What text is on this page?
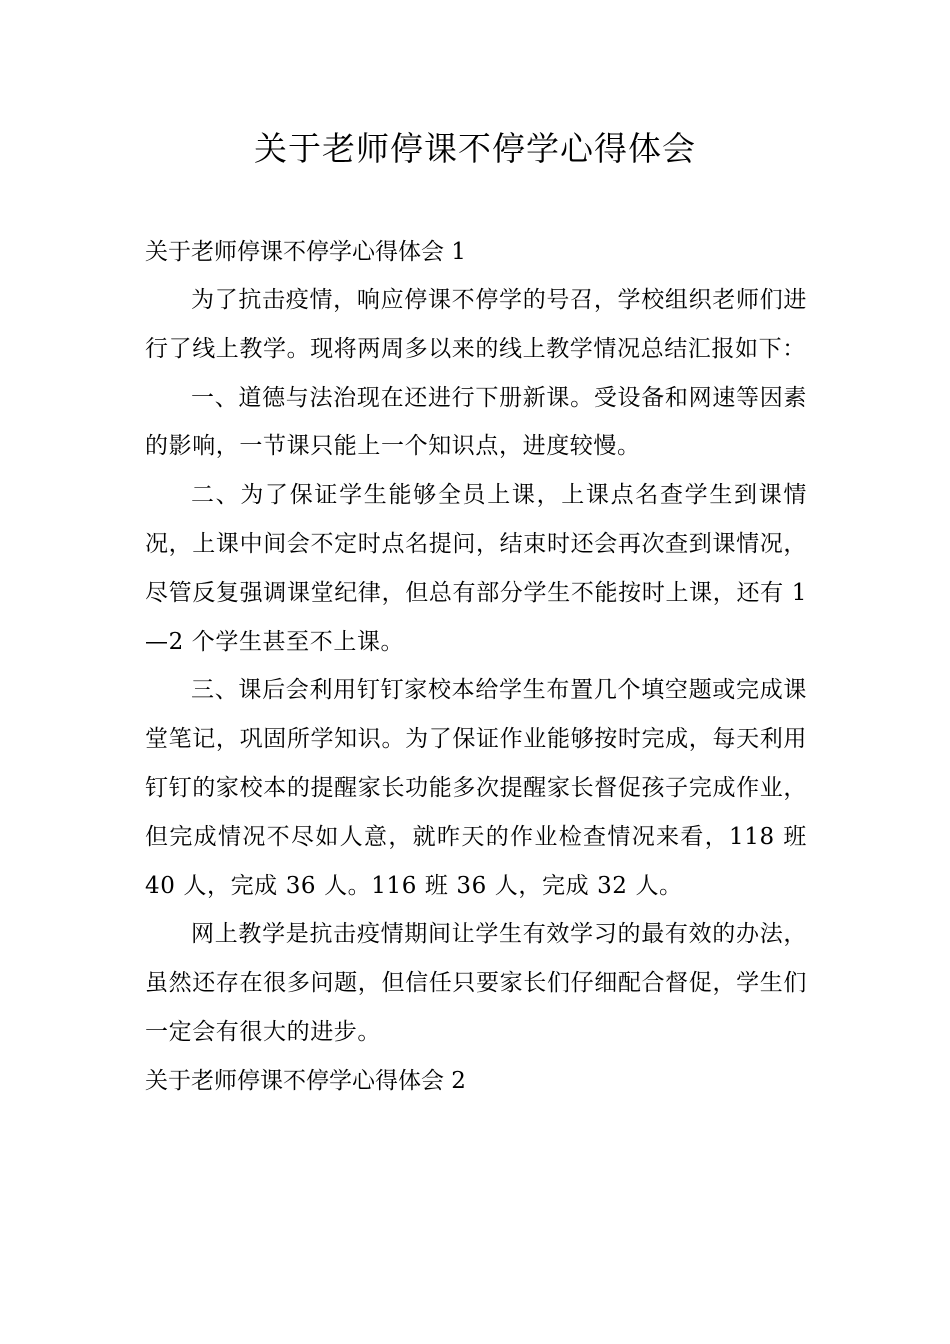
关于老师停课不停学心得体会

关于老师停课不停学心得体会 1

为了抗击疫情，响应停课不停学的号召，学校组织老师们进行了线上教学。现将两周多以来的线上教学情况总结汇报如下：

一、道德与法治现在还进行下册新课。受设备和网速等因素的影响，一节课只能上一个知识点，进度较慢。

二、为了保证学生能够全员上课，上课点名查学生到课情况，上课中间会不定时点名提问，结束时还会再次查到课情况，尽管反复强调课堂纪律，但总有部分学生不能按时上课，还有 1—2 个学生甚至不上课。

三、课后会利用钉钉家校本给学生布置几个填空题或完成课堂笔记，巩固所学知识。为了保证作业能够按时完成，每天利用钉钉的家校本的提醒家长功能多次提醒家长督促孩子完成作业，但完成情况不尽如人意，就昨天的作业检查情况来看，118 班 40 人，完成 36 人。116 班 36 人，完成 32 人。

网上教学是抗击疫情期间让学生有效学习的最有效的办法， 虽然还存在很多问题，但信任只要家长们仔细配合督促，学生们一定会有很大的进步。

关于老师停课不停学心得体会 2
